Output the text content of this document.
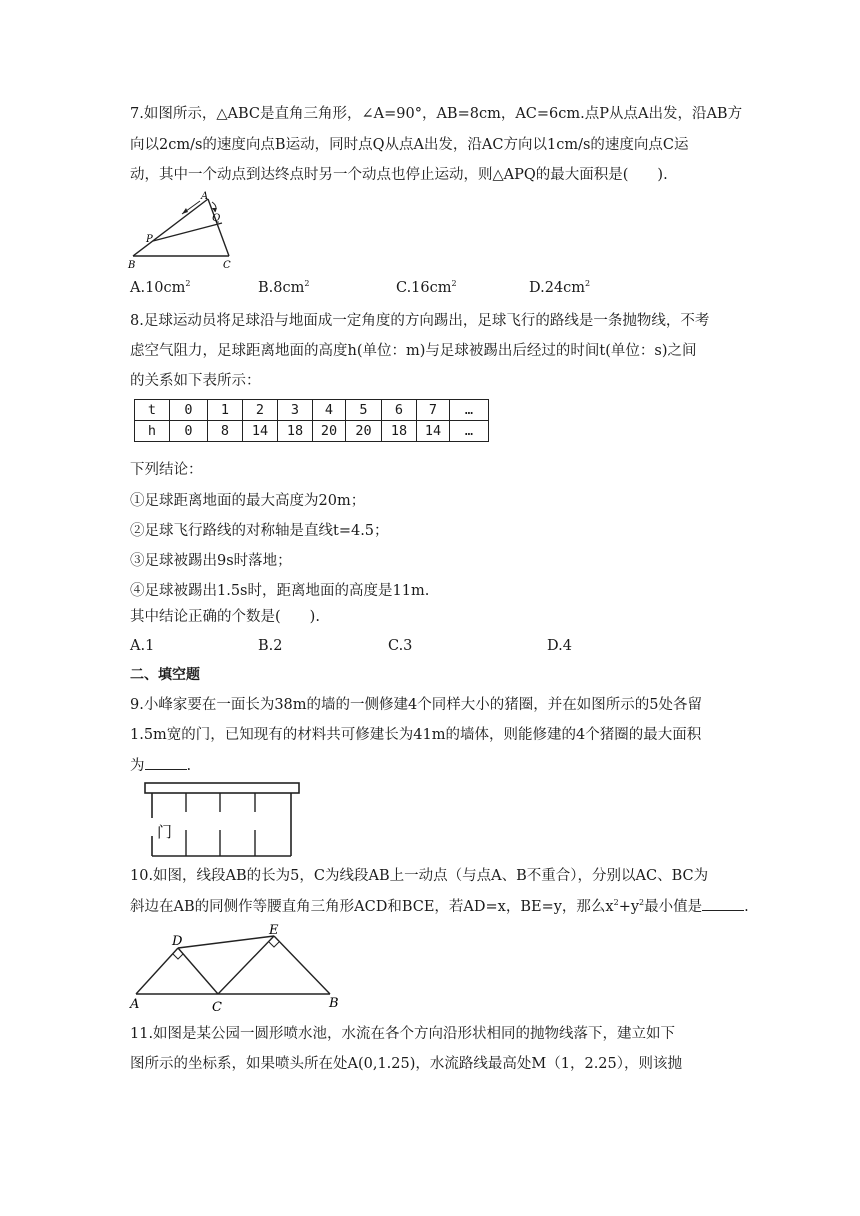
7.如图所示，△ABC是直角三角形，∠A=90°，AB=8cm，AC=6cm.点P从点A出发，沿AB方
向以2cm/s的速度向点B运动，同时点Q从点A出发，沿AC方向以1cm/s的速度向点C运
动，其中一个动点到达终点时另一个动点也停止运动，则△APQ的最大面积是(　　).
A
Q
P
B	C
$A.10cm^2$	$B.8cm^2$	$C.16cm^2$	$D.24cm^2$
8.足球运动员将足球沿与地面成一定角度的方向踢出，足球飞行的路线是一条抛物线，不考
虑空气阻力，足球距离地面的高度h(单位：m)与足球被踢出后经过的时间t(单位：s)之间
的关系如下表所示：
t	0	1	2	3	4	5	6	7	…
h	0	8	14	18	20	20	18	14	…
下列结论：
①足球距离地面的最大高度为20m；
②足球飞行路线的对称轴是直线t=4.5；
③足球被踢出9s时落地；
④足球被踢出1.5s时，距离地面的高度是11m.
其中结论正确的个数是(　　).
A.1	B.2	C.3	D.4
二、填空题
9.小峰家要在一面长为38m的墙的一侧修建4个同样大小的猪圈，并在如图所示的5处各留
1.5m宽的门，已知现有的材料共可修建长为41m的墙体，则能修建的4个猪圈的最大面积
为	.
门
10.如图，线段AB的长为5，C为线段AB上一动点（与点A、B不重合），分别以AC、BC为
斜边在AB的同侧作等腰直角三角形ACD和BCE，若AD=x，BE=y，那么$x^2+y^2$最小值是	.
D
E
A	C	B
11.如图是某公园一圆形喷水池，水流在各个方向沿形状相同的抛物线落下，建立如下
图所示的坐标系，如果喷头所在处A(0,1.25)，水流路线最高处M（1，2.25），则该抛
